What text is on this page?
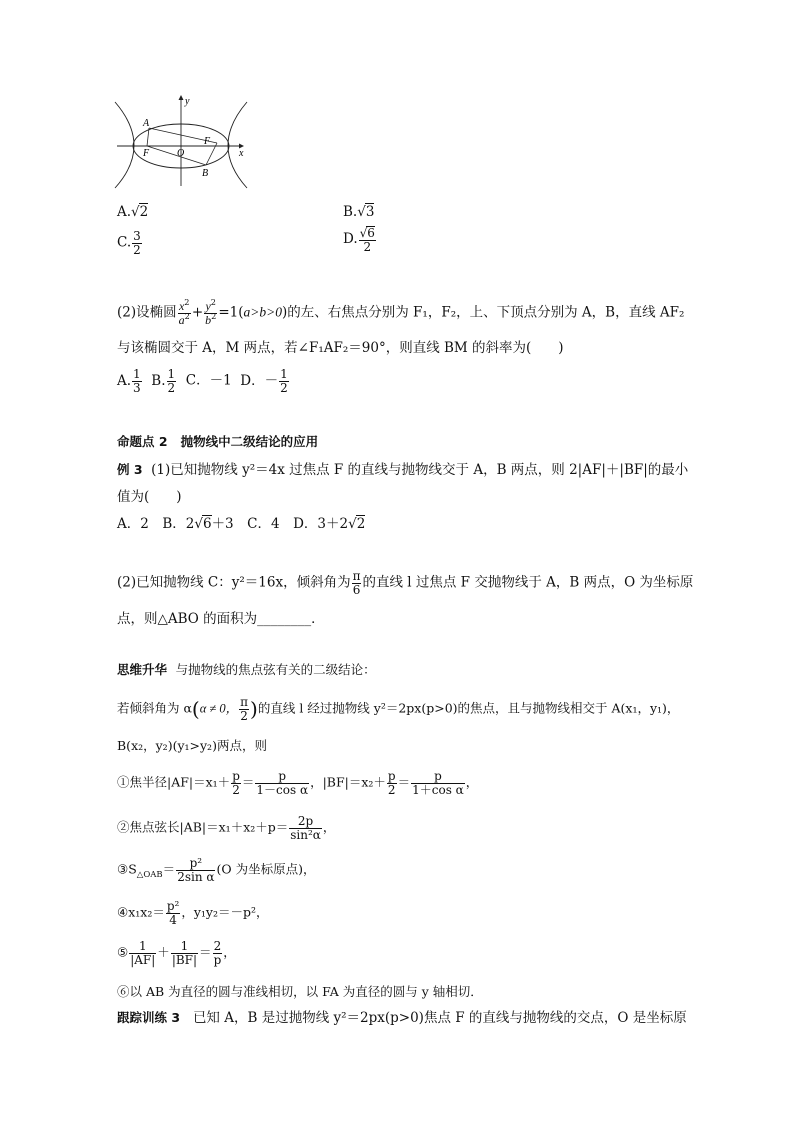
x
y
A
F	O
F
B
A.√2	B.√3
C. $\frac{3}{2}$	D. $\frac{√6}{2}$
(2)设椭圆 $\frac{x^2}{a^2} + \frac{y^2}{b^2} =1(a>b>0)$的左、右焦点分别为 F₁，F₂，上、下顶点分别为 A，B，直线 AF₂
与该椭圆交于 A，M 两点，若∠F₁AF₂＝90°，则直线 BM 的斜率为(　　)
A. $\frac{1}{3} B$. $\frac{1}{2}$ C．－1 D．－ $\frac{1}{2}$
命题点 2 抛物线中二级结论的应用
例 3 (1)已知抛物线 y²＝4x 过焦点 F 的直线与抛物线交于 A，B 两点，则 2|AF|＋|BF|的最小
值为(　　)
A．2　B．2√6＋3　C．4　D．3＋2√2
(2)已知抛物线 C：y²＝16x，倾斜角为 $\frac{\pi}{6}$ 的直线 l 过焦点 F 交抛物线于 A，B 两点，O 为坐标原
点，则△ABO 的面积为________．
思维升华 与抛物线的焦点弦有关的二级结论：
若倾斜角为 α(α ≠ 0， $\frac{\pi}{2}$ )的直线 l 经过抛物线 y²＝2px(p>0)的焦点，且与抛物线相交于 A(x₁，y₁)，
B(x₂，y₂)(y₁>y₂)两点，则
①焦半径$|AF|=x_1+ \frac{p}{2} = \frac{p}{\text{1－cos α}}$ ，$|BF|=x_2+ \frac{p}{2} = \frac{p}{\text{1＋cos α}}$ ，
②焦点弦长$|AB|=x_1+x_2+p= \frac{2p}{\text{sin²α}}$ ，
$③S_{\triangle OAB}= \frac{\text{p²}}{\text{2sin α}} (O$ 为坐标原点)，
④x₁x₂＝ $\frac{\text{p²}}{4}$ ，y₁y₂＝－p²，
⑤ $\frac{1}{|AF|} + \frac{1}{|BF|} = \frac{2}{p}$ ，
⑥以 AB 为直径的圆与准线相切，以 FA 为直径的圆与 y 轴相切．
跟踪训练 3 已知 A，B 是过抛物线 y²＝2px(p>0)焦点 F 的直线与抛物线的交点，O 是坐标原
